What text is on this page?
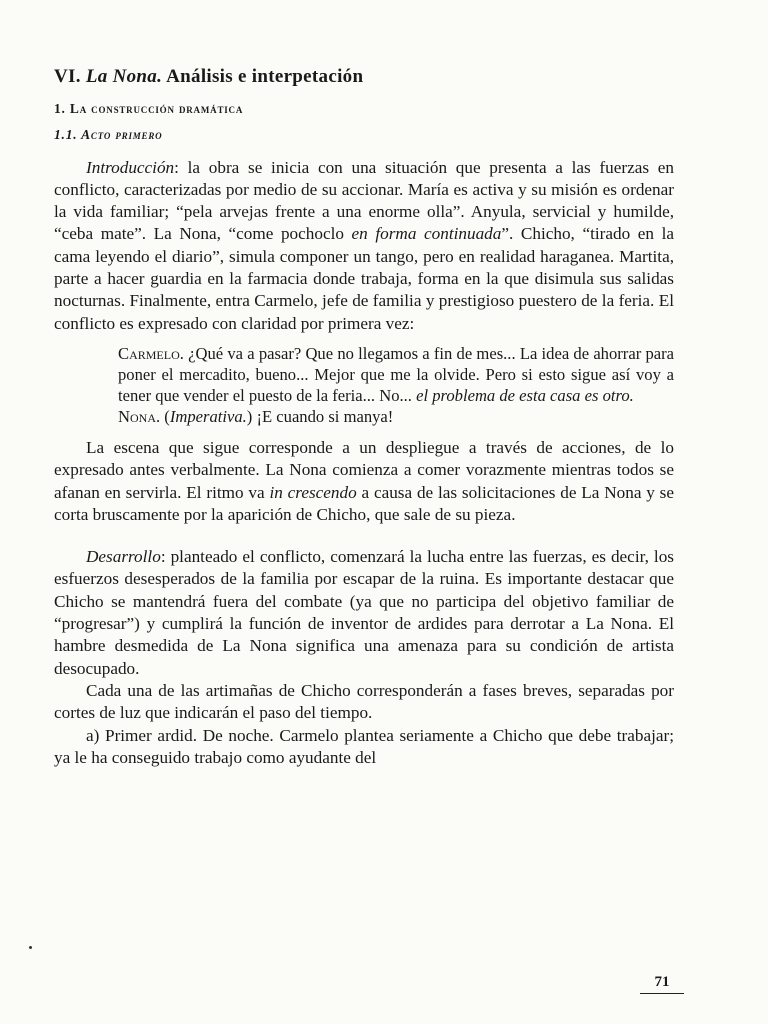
VI. La Nona. Análisis e interpetación
1. La construcción dramática
1.1. Acto primero

Introducción: la obra se inicia con una situación que presenta a las fuerzas en conflicto, caracterizadas por medio de su accionar. María es activa y su misión es ordenar la vida familiar; “pela arvejas frente a una enorme olla”. Anyula, servicial y humilde, “ceba mate”. La Nona, “come pochoclo en forma continuada”. Chicho, “tirado en la cama leyendo el diario”, simula componer un tango, pero en realidad haraganea. Martita, parte a hacer guardia en la farmacia donde trabaja, forma en la que disimula sus salidas nocturnas. Finalmente, entra Carmelo, jefe de familia y prestigioso puestero de la feria. El conflicto es expresado con claridad por primera vez:

Carmelo. ¿Qué va a pasar? Que no llegamos a fin de mes... La idea de ahorrar para poner el mercadito, bueno... Mejor que me la olvide. Pero si esto sigue así voy a tener que vender el puesto de la feria... No... el problema de esta casa es otro.
Nona. (Imperativa.) ¡E cuando si manya!

La escena que sigue corresponde a un despliegue a través de acciones, de lo expresado antes verbalmente. La Nona comienza a comer vorazmente mientras todos se afanan en servirla. El ritmo va in crescendo a causa de las solicitaciones de La Nona y se corta bruscamente por la aparición de Chicho, que sale de su pieza.

Desarrollo: planteado el conflicto, comenzará la lucha entre las fuerzas, es decir, los esfuerzos desesperados de la familia por escapar de la ruina. Es importante destacar que Chicho se mantendrá fuera del combate (ya que no participa del objetivo familiar de “progresar”) y cumplirá la función de inventor de ardides para derrotar a La Nona. El hambre desmedida de La Nona significa una amenaza para su condición de artista desocupado.

Cada una de las artimañas de Chicho corresponderán a fases breves, separadas por cortes de luz que indicarán el paso del tiempo.

a) Primer ardid. De noche. Carmelo plantea seriamente a Chicho que debe trabajar; ya le ha conseguido trabajo como ayudante del

71
